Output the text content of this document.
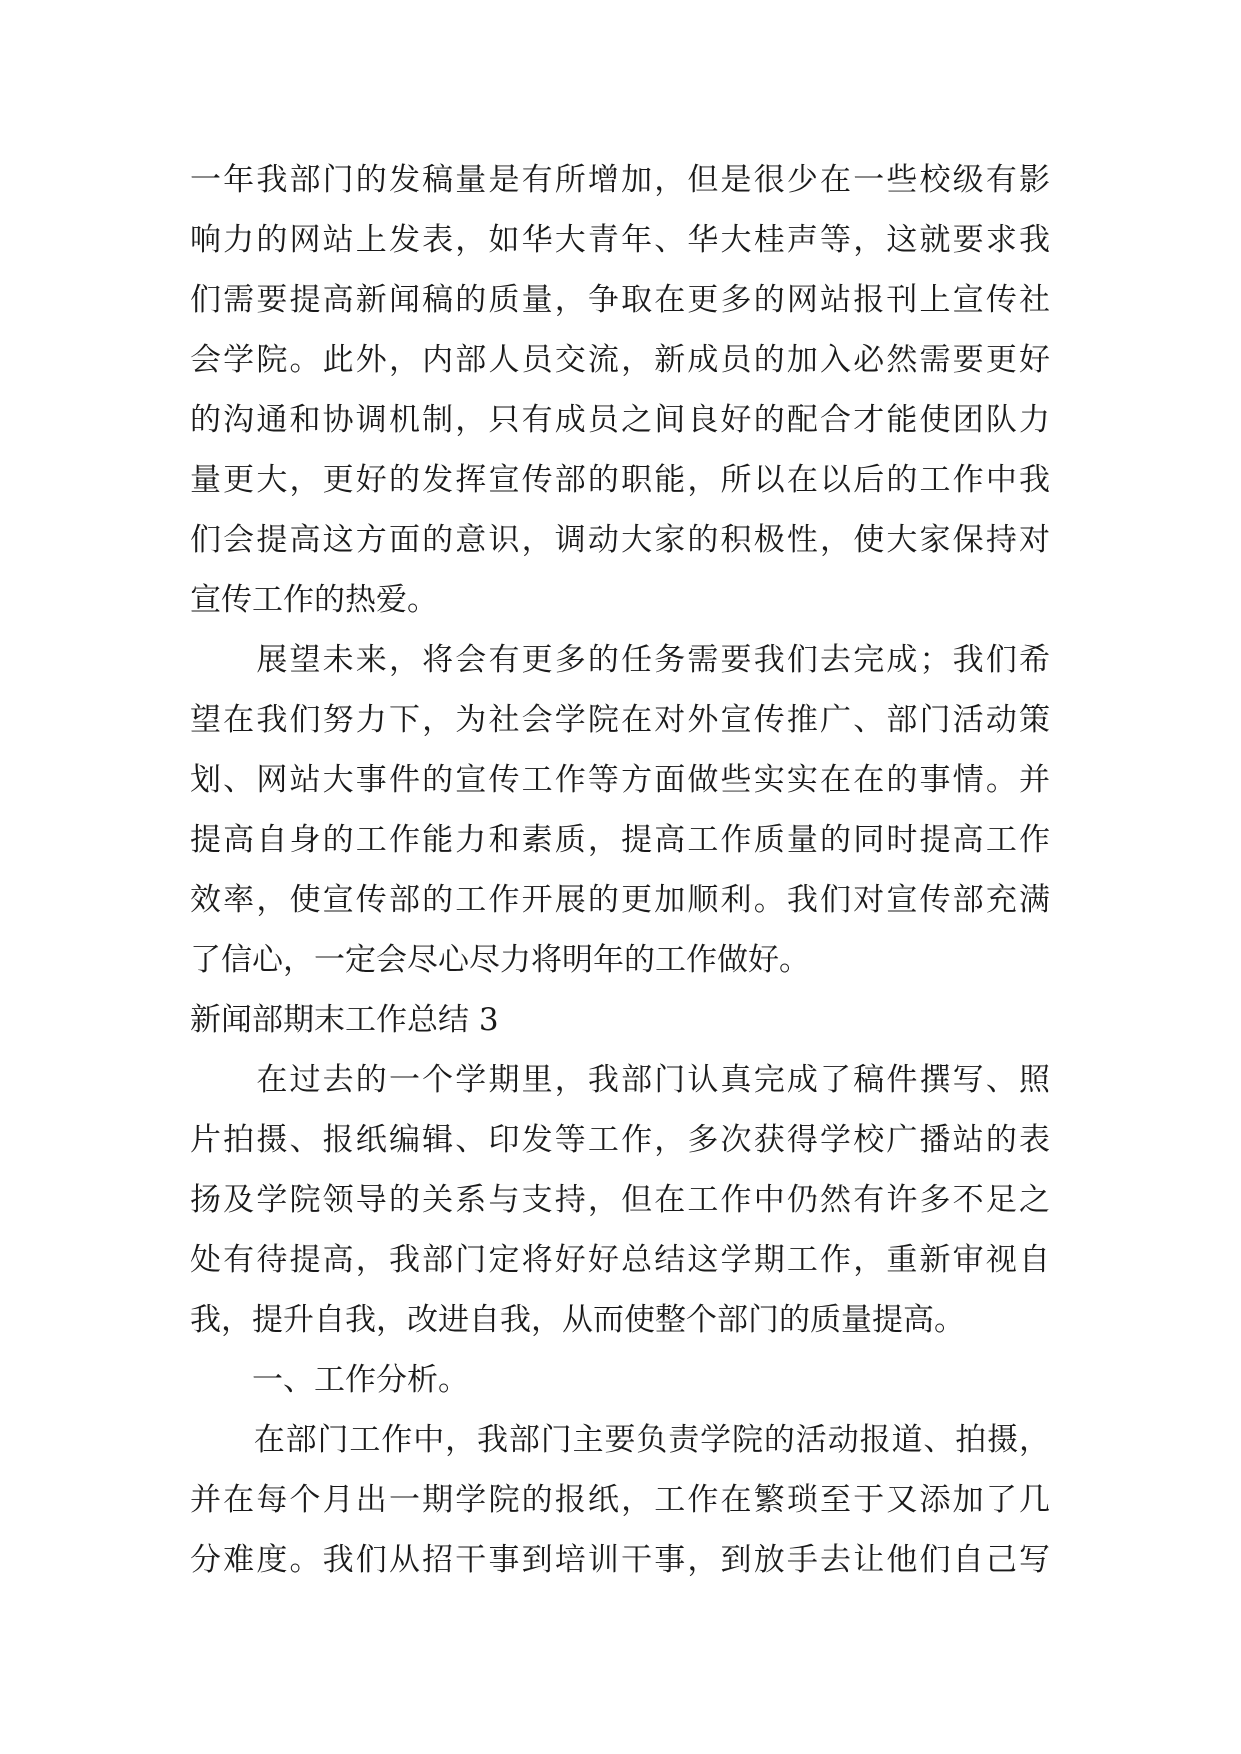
一年我部门的发稿量是有所增加，但是很少在一些校级有影
响力的网站上发表，如华大青年、华大桂声等，这就要求我
们需要提高新闻稿的质量，争取在更多的网站报刊上宣传社
会学院。此外，内部人员交流，新成员的加入必然需要更好
的沟通和协调机制，只有成员之间良好的配合才能使团队力
量更大，更好的发挥宣传部的职能，所以在以后的工作中我
们会提高这方面的意识，调动大家的积极性，使大家保持对
宣传工作的热爱。
　　展望未来，将会有更多的任务需要我们去完成；我们希
望在我们努力下，为社会学院在对外宣传推广、部门活动策
划、网站大事件的宣传工作等方面做些实实在在的事情。并
提高自身的工作能力和素质，提高工作质量的同时提高工作
效率，使宣传部的工作开展的更加顺利。我们对宣传部充满
了信心，一定会尽心尽力将明年的工作做好。
新闻部期末工作总结 3
　　在过去的一个学期里，我部门认真完成了稿件撰写、照
片拍摄、报纸编辑、印发等工作，多次获得学校广播站的表
扬及学院领导的关系与支持，但在工作中仍然有许多不足之
处有待提高，我部门定将好好总结这学期工作，重新审视自
我，提升自我，改进自我，从而使整个部门的质量提高。
　　一、工作分析。
　　在部门工作中，我部门主要负责学院的活动报道、拍摄，
并在每个月出一期学院的报纸，工作在繁琐至于又添加了几
分难度。我们从招干事到培训干事，到放手去让他们自己写
